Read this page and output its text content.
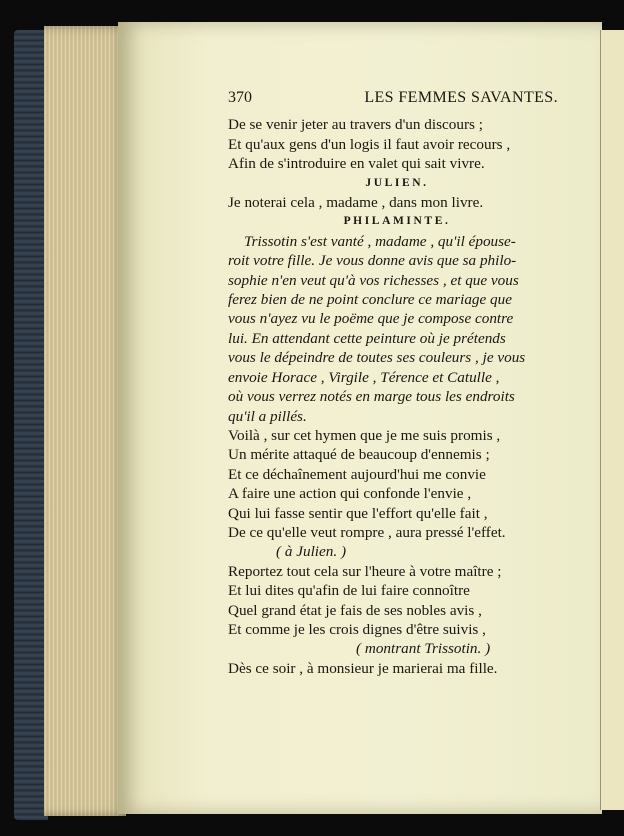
370	LES FEMMES SAVANTES.
De se venir jeter au travers d'un discours ;
Et qu'aux gens d'un logis il faut avoir recours ,
Afin de s'introduire en valet qui sait vivre.
JULIEN.
Je noterai cela , madame , dans mon livre.
PHILAMINTE.
Trissotin s'est vanté , madame , qu'il épouse-
roit votre fille. Je vous donne avis que sa philo-
sophie n'en veut qu'à vos richesses , et que vous
ferez bien de ne point conclure ce mariage que
vous n'ayez vu le poëme que je compose contre
lui. En attendant cette peinture où je prétends
vous le dépeindre de toutes ses couleurs , je vous
envoie Horace , Virgile , Térence et Catulle ,
où vous verrez notés en marge tous les endroits
qu'il a pillés.
Voilà , sur cet hymen que je me suis promis ,
Un mérite attaqué de beaucoup d'ennemis ;
Et ce déchaînement aujourd'hui me convie
A faire une action qui confonde l'envie ,
Qui lui fasse sentir que l'effort qu'elle fait ,
De ce qu'elle veut rompre , aura pressé l'effet.
( à Julien. )
Reportez tout cela sur l'heure à votre maître ;
Et lui dites qu'afin de lui faire connoître
Quel grand état je fais de ses nobles avis ,
Et comme je les crois dignes d'être suivis ,
( montrant Trissotin. )
Dès ce soir , à monsieur je marierai ma fille.
